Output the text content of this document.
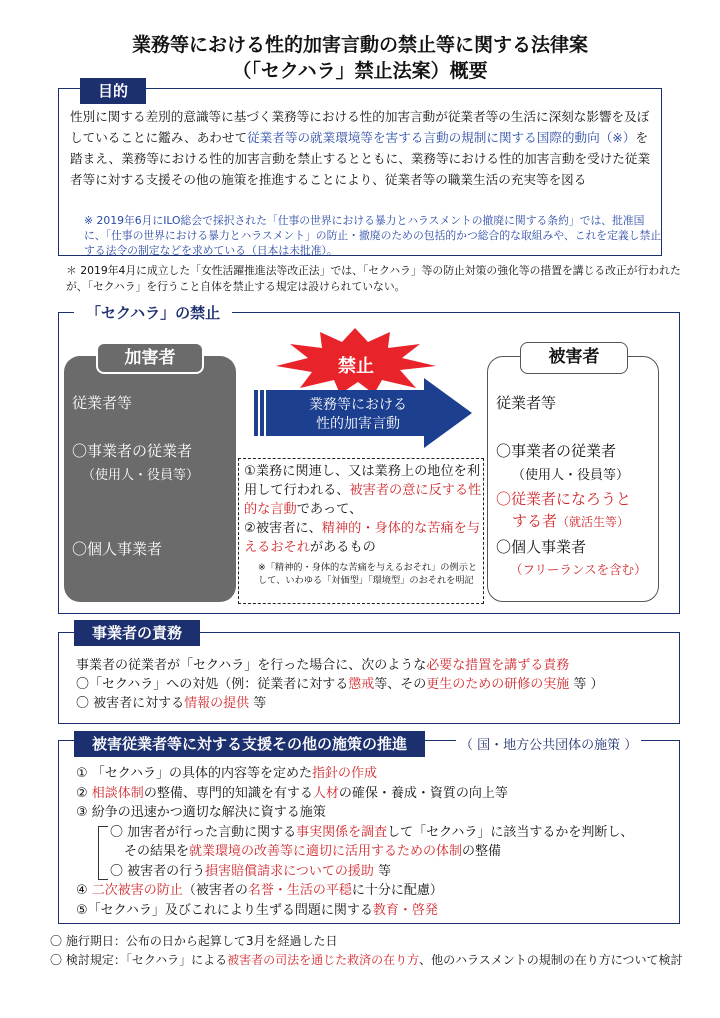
業務等における性的加害言動の禁止等に関する法律案
（「セクハラ」禁止法案）概要
目的
性別に関する差別的意識等に基づく業務等における性的加害言動が従業者等の生活に深刻な影響を及ぼしていることに鑑み、あわせて従業者等の就業環境等を害する言動の規制に関する国際的動向（※）を踏まえ、業務等における性的加害言動を禁止するとともに、業務等における性的加害言動を受けた従業者等に対する支援その他の施策を推進することにより、従業者等の職業生活の充実等を図る
※ 2019年6月にILO総会で採択された「仕事の世界における暴力とハラスメントの撤廃に関する条約」では、批准国に、「仕事の世界における暴力とハラスメント」の防止・撤廃のための包括的かつ総合的な取組みや、これを定義し禁止する法令の制定などを求めている（日本は未批准）。
＊ 2019年4月に成立した「女性活躍推進法等改正法」では、「セクハラ」等の防止対策の強化等の措置を講じる改正が行われたが、「セクハラ」を行うこと自体を禁止する規定は設けられていない。
「セクハラ」の禁止
加害者
従業者等
〇事業者の従業者
（使用人・役員等）
〇個人事業者
禁止
業務等における
性的加害言動
①業務に関連し、又は業務上の地位を利用して行われる、被害者の意に反する性的な言動であって、
②被害者に、精神的・身体的な苦痛を与えるおそれがあるもの
※「精神的・身体的な苦痛を与えるおそれ」の例示として、いわゆる「対価型」「環境型」のおそれを明記
被害者
従業者等
〇事業者の従業者
（使用人・役員等）
〇従業者になろうと
する者（就活生等）
〇個人事業者
（フリーランスを含む）
事業者の責務
事業者の従業者が「セクハラ」を行った場合に、次のような必要な措置を講ずる責務
〇「セクハラ」への対処（例：従業者に対する懲戒等、その更生のための研修の実施 等 ）
〇 被害者に対する情報の提供 等
被害従業者等に対する支援その他の施策の推進	（ 国・地方公共団体の施策 ）
① 「セクハラ」の具体的内容等を定めた指針の作成
② 相談体制の整備、専門的知識を有する人材の確保・養成・資質の向上等
③ 紛争の迅速かつ適切な解決に資する施策
〇 加害者が行った言動に関する事実関係を調査して「セクハラ」に該当するかを判断し、
その結果を就業環境の改善等に適切に活用するための体制の整備
〇 被害者の行う損害賠償請求についての援助 等
④ 二次被害の防止（被害者の名誉・生活の平穏に十分に配慮）
⑤「セクハラ」及びこれにより生ずる問題に関する教育・啓発
〇 施行期日：公布の日から起算して3月を経過した日
〇 検討規定：「セクハラ」による被害者の司法を通じた救済の在り方、他のハラスメントの規制の在り方について検討
